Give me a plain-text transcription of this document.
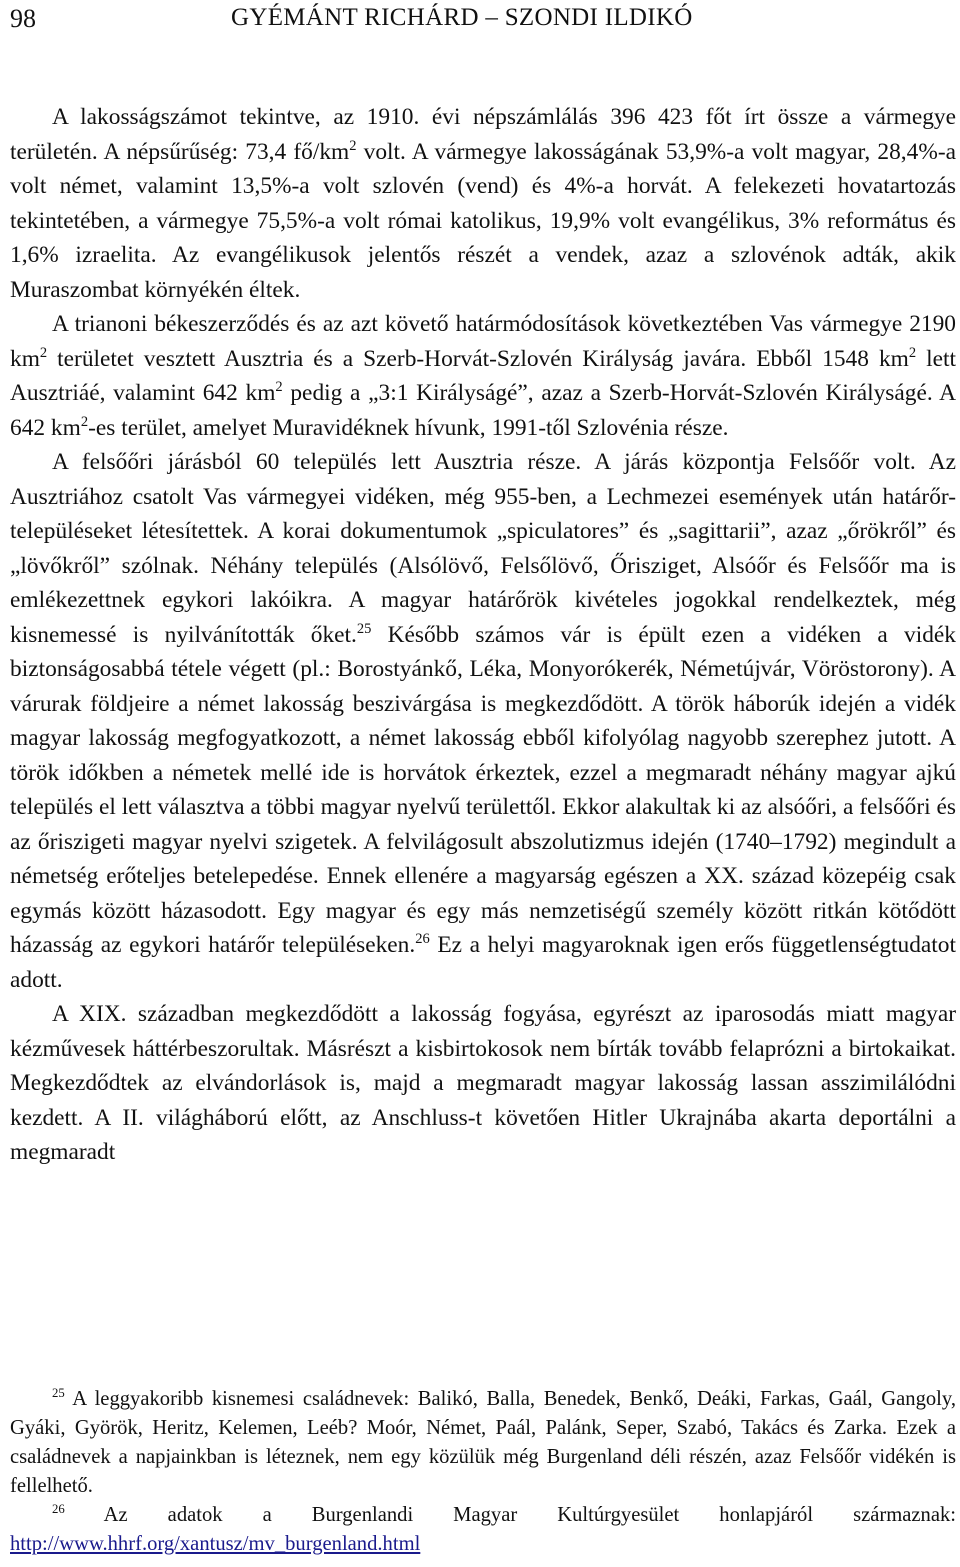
98	GYÉMÁNT RICHÁRD – SZONDI ILDIKÓ

A lakosságszámot tekintve, az 1910. évi népszámlálás 396 423 főt írt össze a vármegye területén. A népsűrűség: 73,4 $fő/km^2$ volt. A vármegye lakosságának 53,9%-a volt magyar, 28,4%-a volt német, valamint 13,5%-a volt szlovén (vend) és 4%-a horvát. A felekezeti hovatartozás tekintetében, a vármegye 75,5%-a volt római katolikus, 19,9% volt evangélikus, 3% református és 1,6% izraelita. Az evangélikusok jelentős részét a vendek, azaz a szlovénok adták, akik Muraszombat környékén éltek.

A trianoni békeszerződés és az azt követő határmódosítások következtében Vas vármegye 2190 $km^2$ területet vesztett Ausztria és a Szerb-Horvát-Szlovén Királyság javára. Ebből 1548 $km^2$ lett Ausztriáé, valamint 642 $km^2$ pedig a „3:1 Királyságé”, azaz a Szerb-Horvát-Szlovén Királyságé. A 642 $km^2-es$ terület, amelyet Muravidéknek hívunk, 1991-től Szlovénia része.

A felsőőri járásból 60 település lett Ausztria része. A járás központja Felsőőr volt. Az Ausztriához csatolt Vas vármegyei vidéken, még 955-ben, a Lechmezei események után határőr-településeket létesítettek. A korai dokumentumok „spiculatores” és „sagittarii”, azaz „őrökről” és „lövőkről” szólnak. Néhány település (Alsólövő, Felsőlövő, Őrisziget, Alsóőr és Felsőőr ma is emlékezettnek egykori lakóikra. A magyar határőrök kivételes jogokkal rendelkeztek, még kisnemessé is nyilvánították őket.$^{25}$ Később számos vár is épült ezen a vidéken a vidék biztonságosabbá tétele végett (pl.: Borostyánkő, Léka, Monyorókerék, Németújvár, Vöröstorony). A várurak földjeire a német lakosság beszivárgása is megkezdődött. A török háborúk idején a vidék magyar lakosság megfogyatkozott, a német lakosság ebből kifolyólag nagyobb szerephez jutott. A török időkben a németek mellé ide is horvátok érkeztek, ezzel a megmaradt néhány magyar ajkú település el lett választva a többi magyar nyelvű területtől. Ekkor alakultak ki az alsóőri, a felsőőri és az őriszigeti magyar nyelvi szigetek. A felvilágosult abszolutizmus idején (1740–1792) megindult a németség erőteljes betelepedése. Ennek ellenére a magyarság egészen a XX. század közepéig csak egymás között házasodott. Egy magyar és egy más nemzetiségű személy között ritkán kötődött házasság az egykori határőr településeken.$^{26}$ Ez a helyi magyaroknak igen erős függetlenségtudatot adott.

A XIX. században megkezdődött a lakosság fogyása, egyrészt az iparosodás miatt magyar kézművesek háttérbeszorultak. Másrészt a kisbirtokosok nem bírták tovább felaprózni a birtokaikat. Megkezdődtek az elvándorlások is, majd a megmaradt magyar lakosság lassan asszimilálódni kezdett. A II. világháború előtt, az Anschluss-t követően Hitler Ukrajnába akarta deportálni a megmaradt

$^{25}$ A leggyakoribb kisnemesi családnevek: Balikó, Balla, Benedek, Benkő, Deáki, Farkas, Gaál, Gangoly, Gyáki, Györök, Heritz, Kelemen, Leéb? Moór, Német, Paál, Palánk, Seper, Szabó, Takács és Zarka. Ezek a családnevek a napjainkban is léteznek, nem egy közülük még Burgenland déli részén, azaz Felsőőr vidékén is fellelhető.

$^{26}$ Az adatok a Burgenlandi Magyar Kultúrgyesület honlapjáról származnak: http://www.hhrf.org/xantusz/mv_burgenland.html
